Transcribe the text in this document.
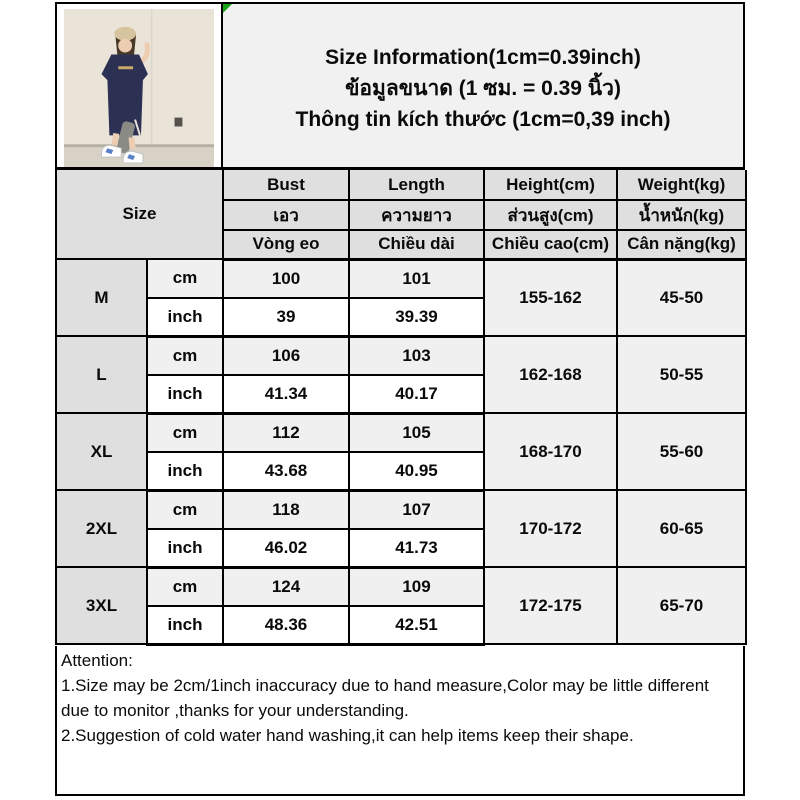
Size Information(1cm=0.39inch)
ข้อมูลขนาด (1 ซม. = 0.39 นิ้ว)
Thông tin kích thước (1cm=0,39 inch)
Size		Bust	Length	Height(cm)	Weight(kg)
		เอว	ความยาว	ส่วนสูง(cm)	น้ำหนัก(kg)
		Vòng eo	Chiều dài	Chiều cao(cm)	Cân nặng(kg)
M	cm	100	101	155-162	45-50
	inch	39	39.39		
L	cm	106	103	162-168	50-55
	inch	41.34	40.17		
XL	cm	112	105	168-170	55-60
	inch	43.68	40.95		
2XL	cm	118	107	170-172	60-65
	inch	46.02	41.73		
3XL	cm	124	109	172-175	65-70
	inch	48.36	42.51		
Attention:
1.Size may be 2cm/1inch inaccuracy due to hand measure,Color may be little different due to monitor ,thanks for your understanding.
2.Suggestion of cold water hand washing,it can help items keep their shape.
